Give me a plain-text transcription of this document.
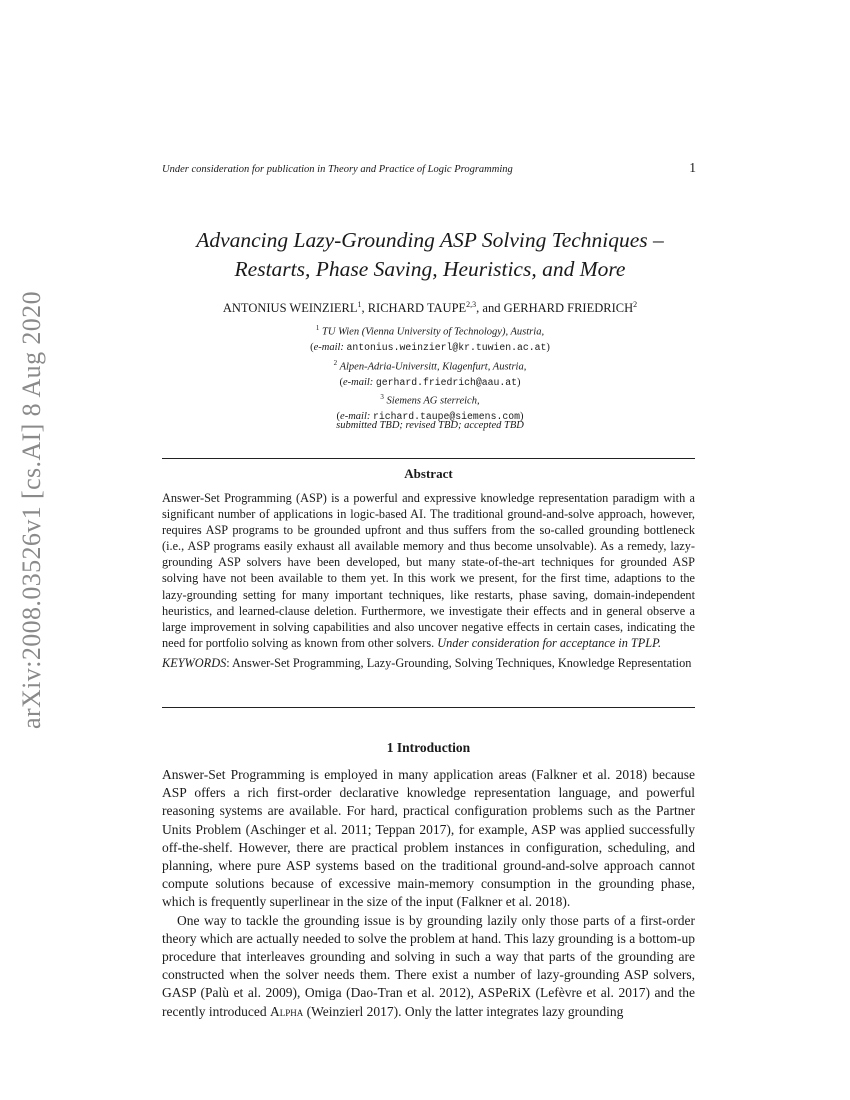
arXiv:2008.03526v1 [cs.AI] 8 Aug 2020
Under consideration for publication in Theory and Practice of Logic Programming	1
Advancing Lazy-Grounding ASP Solving Techniques –
Restarts, Phase Saving, Heuristics, and More
ANTONIUS WEINZIERL$^1$, RICHARD TAUPE$^{2,3}$, and GERHARD FRIEDRICH$^2$
$^1$ TU Wien (Vienna University of Technology), Austria,
(e-mail: antonius.weinzierl@kr.tuwien.ac.at)
$^2$ Alpen-Adria-Universitt, Klagenfurt, Austria,
(e-mail: gerhard.friedrich@aau.at)
$^3$ Siemens AG sterreich,
(e-mail: richard.taupe@siemens.com)
submitted TBD; revised TBD; accepted TBD
Abstract
Answer-Set Programming (ASP) is a powerful and expressive knowledge representation paradigm with a significant number of applications in logic-based AI. The traditional ground-and-solve approach, however, requires ASP programs to be grounded upfront and thus suffers from the so-called grounding bottleneck (i.e., ASP programs easily exhaust all available memory and thus become unsolvable). As a remedy, lazy-grounding ASP solvers have been developed, but many state-of-the-art techniques for grounded ASP solving have not been available to them yet. In this work we present, for the first time, adaptions to the lazy-grounding setting for many important techniques, like restarts, phase saving, domain-independent heuristics, and learned-clause deletion. Furthermore, we investigate their effects and in general observe a large improvement in solving capabilities and also uncover negative effects in certain cases, indicating the need for portfolio solving as known from other solvers. Under consideration for acceptance in TPLP.
KEYWORDS: Answer-Set Programming, Lazy-Grounding, Solving Techniques, Knowledge Representation
1 Introduction

Answer-Set Programming is employed in many application areas (Falkner et al. 2018) because ASP offers a rich first-order declarative knowledge representation language, and powerful reasoning systems are available. For hard, practical configuration problems such as the Partner Units Problem (Aschinger et al. 2011; Teppan 2017), for example, ASP was applied successfully off-the-shelf. However, there are practical problem instances in configuration, scheduling, and planning, where pure ASP systems based on the traditional ground-and-solve approach cannot compute solutions because of excessive main-memory consumption in the grounding phase, which is frequently superlinear in the size of the input (Falkner et al. 2018).

One way to tackle the grounding issue is by grounding lazily only those parts of a first-order theory which are actually needed to solve the problem at hand. This lazy grounding is a bottom-up procedure that interleaves grounding and solving in such a way that parts of the grounding are constructed when the solver needs them. There exist a number of lazy-grounding ASP solvers, GASP (Palù et al. 2009), Omiga (Dao-Tran et al. 2012), ASPeRiX (Lefèvre et al. 2017) and the recently introduced Alpha (Weinzierl 2017). Only the latter integrates lazy grounding
